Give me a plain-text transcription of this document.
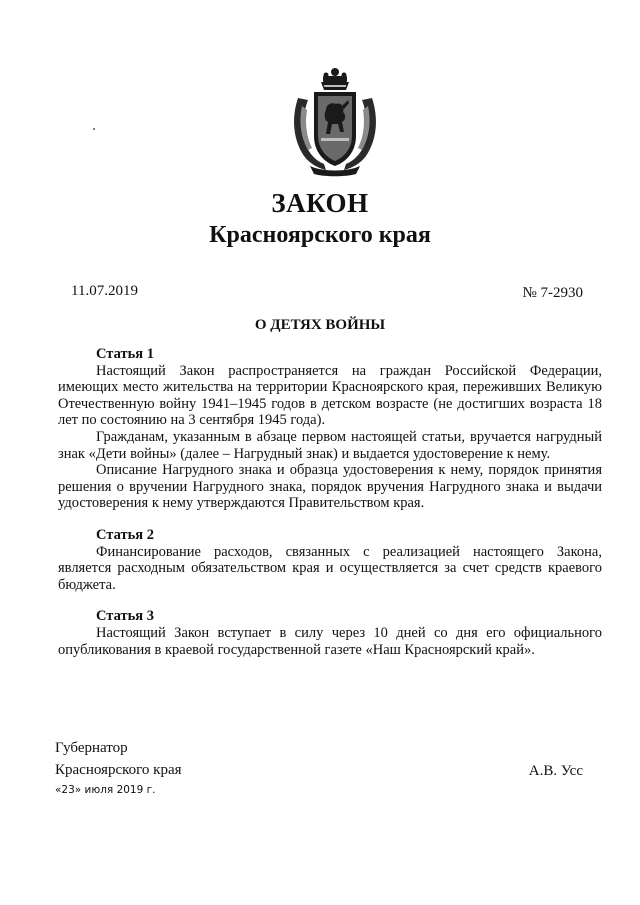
ЗАКОН
Красноярского края
11.07.2019	№ 7-2930
О ДЕТЯХ ВОЙНЫ

Статья 1

Настоящий Закон распространяется на граждан Российской Федерации, имеющих место жительства на территории Красноярского края, переживших Великую Отечественную войну 1941–1945 годов в детском возрасте (не достигших возраста 18 лет по состоянию на 3 сентября 1945 года).

Гражданам, указанным в абзаце первом настоящей статьи, вручается нагрудный знак «Дети войны» (далее – Нагрудный знак) и выдается удостоверение к нему.

Описание Нагрудного знака и образца удостоверения к нему, порядок принятия решения о вручении Нагрудного знака, порядок вручения Нагрудного знака и выдачи удостоверения к нему утверждаются Правительством края.

Статья 2

Финансирование расходов, связанных с реализацией настоящего Закона, является расходным обязательством края и осуществляется за счет средств краевого бюджета.

Статья 3

Настоящий Закон вступает в силу через 10 дней со дня его официального опубликования в краевой государственной газете «Наш Красноярский край».

Губернатор
Красноярского края
«23» июля 2019 г.
А.В. Усс
